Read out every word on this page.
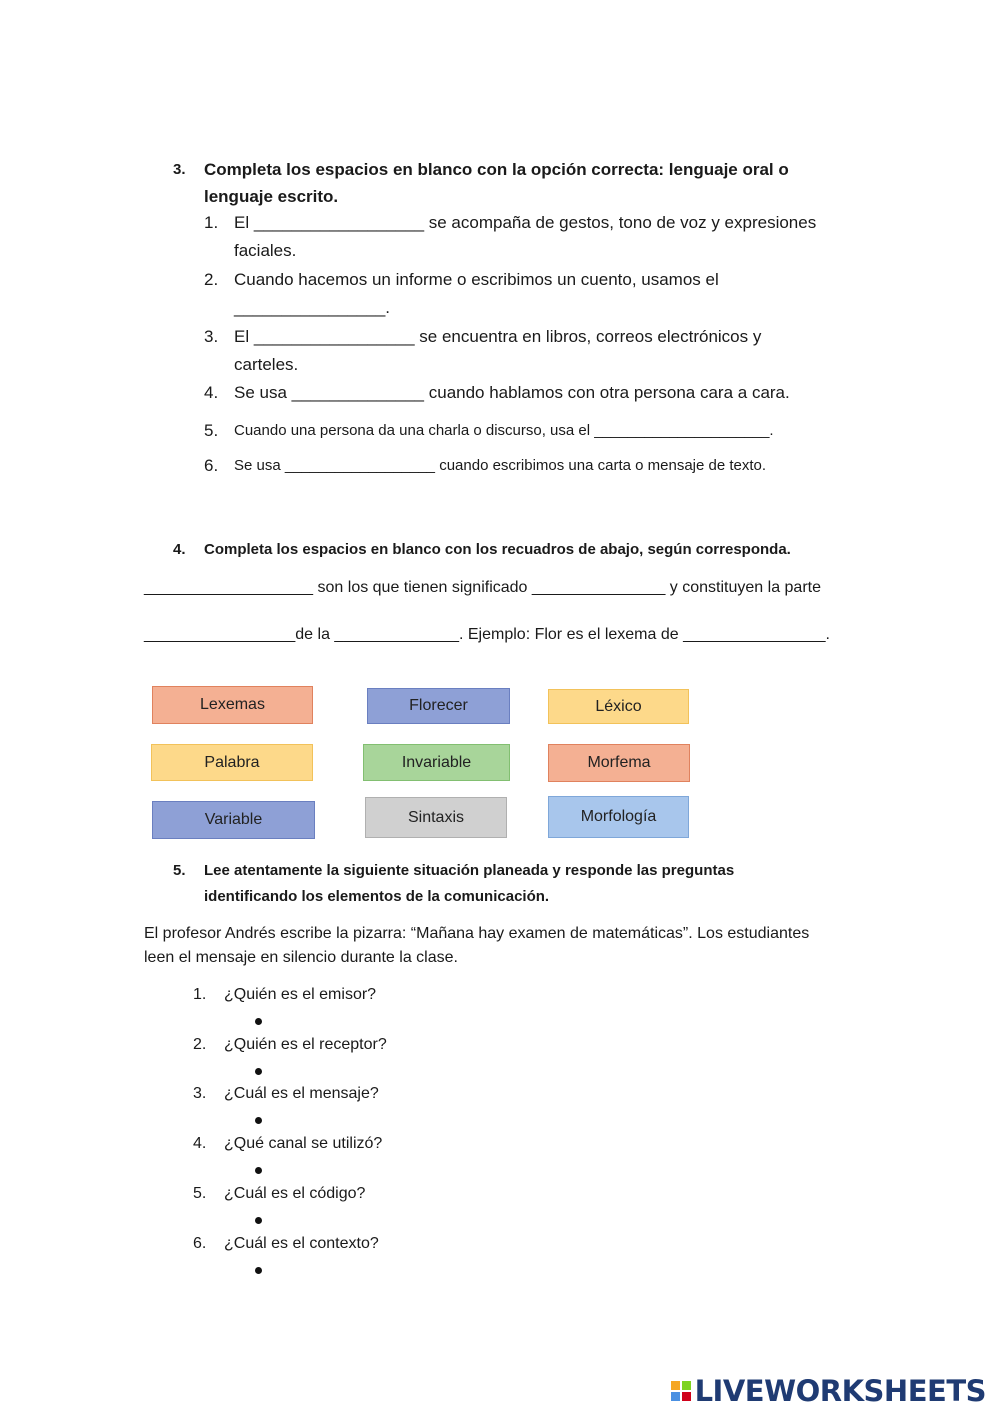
3. Completa los espacios en blanco con la opción correcta: lenguaje oral o
lenguaje escrito.
1. El __________________ se acompaña de gestos, tono de voz y expresiones
faciales.
2. Cuando hacemos un informe o escribimos un cuento, usamos el
________________.
3. El _________________ se encuentra en libros, correos electrónicos y
carteles.
4. Se usa ______________ cuando hablamos con otra persona cara a cara.
5. Cuando una persona da una charla o discurso, usa el _____________________.
6. Se usa __________________ cuando escribimos una carta o mensaje de texto.
4. Completa los espacios en blanco con los recuadros de abajo, según corresponda.
___________________ son los que tienen significado _______________ y constituyen la parte
_________________de la ______________. Ejemplo: Flor es el lexema de ________________.
Lexemas	Florecer	Léxico
Palabra	Invariable	Morfema
Variable	Sintaxis	Morfología
5. Lee atentamente la siguiente situación planeada y responde las preguntas
identificando los elementos de la comunicación.
El profesor Andrés escribe la pizarra: “Mañana hay examen de matemáticas”. Los estudiantes
leen el mensaje en silencio durante la clase.
1. ¿Quién es el emisor?
2. ¿Quién es el receptor?
3. ¿Cuál es el mensaje?
4. ¿Qué canal se utilizó?
5. ¿Cuál es el código?
6. ¿Cuál es el contexto?
LIVEWORKSHEETS
